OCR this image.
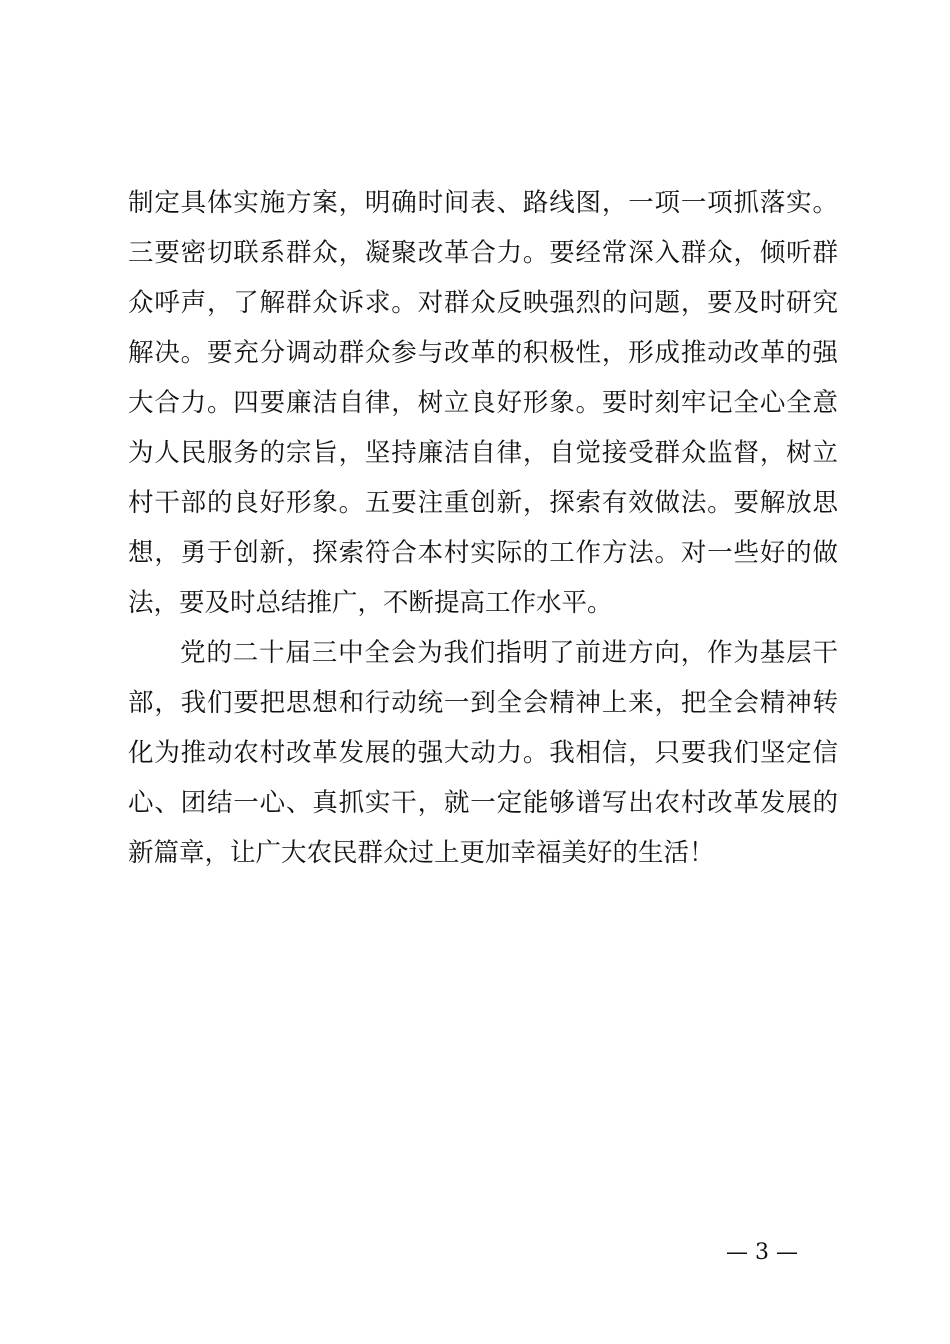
制定具体实施方案，明确时间表、路线图，一项一项抓落实。
三要密切联系群众，凝聚改革合力。要经常深入群众，倾听群
众呼声，了解群众诉求。对群众反映强烈的问题，要及时研究
解决。要充分调动群众参与改革的积极性，形成推动改革的强
大合力。四要廉洁自律，树立良好形象。要时刻牢记全心全意
为人民服务的宗旨，坚持廉洁自律，自觉接受群众监督，树立
村干部的良好形象。五要注重创新，探索有效做法。要解放思
想，勇于创新，探索符合本村实际的工作方法。对一些好的做
法，要及时总结推广，不断提高工作水平。
党的二十届三中全会为我们指明了前进方向，作为基层干
部，我们要把思想和行动统一到全会精神上来，把全会精神转
化为推动农村改革发展的强大动力。我相信，只要我们坚定信
心、团结一心、真抓实干，就一定能够谱写出农村改革发展的
新篇章，让广大农民群众过上更加幸福美好的生活！
— 3 —
